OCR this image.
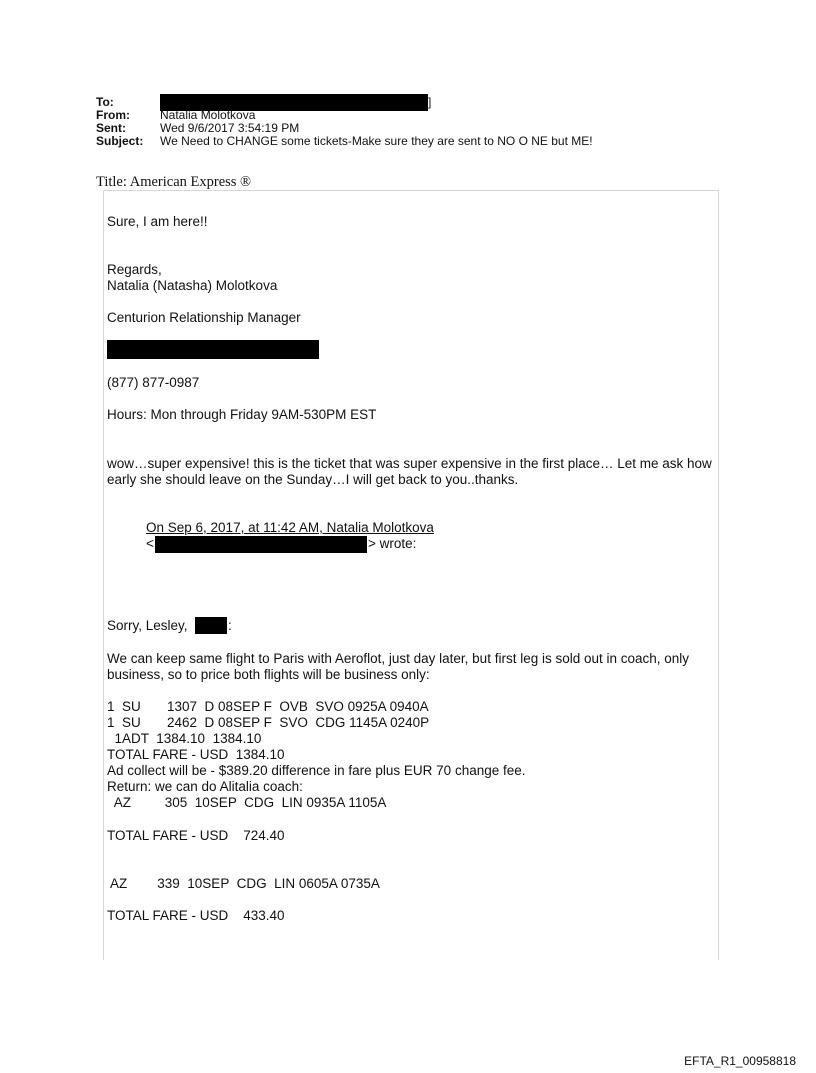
To:	]
From:	Natalia Molotkova
Sent:	Wed 9/6/2017 3:54:19 PM
Subject:	We Need to CHANGE some tickets-Make sure they are sent to NO O NE but ME!
Title: American Express ®
Sure, I am here!!
Regards,
Natalia (Natasha) Molotkova
Centurion Relationship Manager
(877) 877-0987
Hours: Mon through Friday 9AM-530PM EST
wow…super expensive! this is the ticket that was super expensive in the first place… Let me ask how early she should leave on the Sunday…I will get back to you..thanks.
On Sep 6, 2017, at 11:42 AM, Natalia Molotkova
<	> wrote:
Sorry, Lesley,	:
We can keep same flight to Paris with Aeroflot, just day later, but first leg is sold out in coach, only business, so to price both flights will be business only:
1  SU       1307  D 08SEP F  OVB  SVO 0925A 0940A
1  SU       2462  D 08SEP F  SVO  CDG 1145A 0240P
1ADT  1384.10  1384.10
TOTAL FARE - USD  1384.10
Ad collect will be - $389.20 difference in fare plus EUR 70 change fee.
Return: we can do Alitalia coach:
AZ         305  10SEP  CDG  LIN 0935A 1105A
TOTAL FARE - USD    724.40
AZ        339  10SEP  CDG  LIN 0605A 0735A
TOTAL FARE - USD    433.40
EFTA_R1_00958818
